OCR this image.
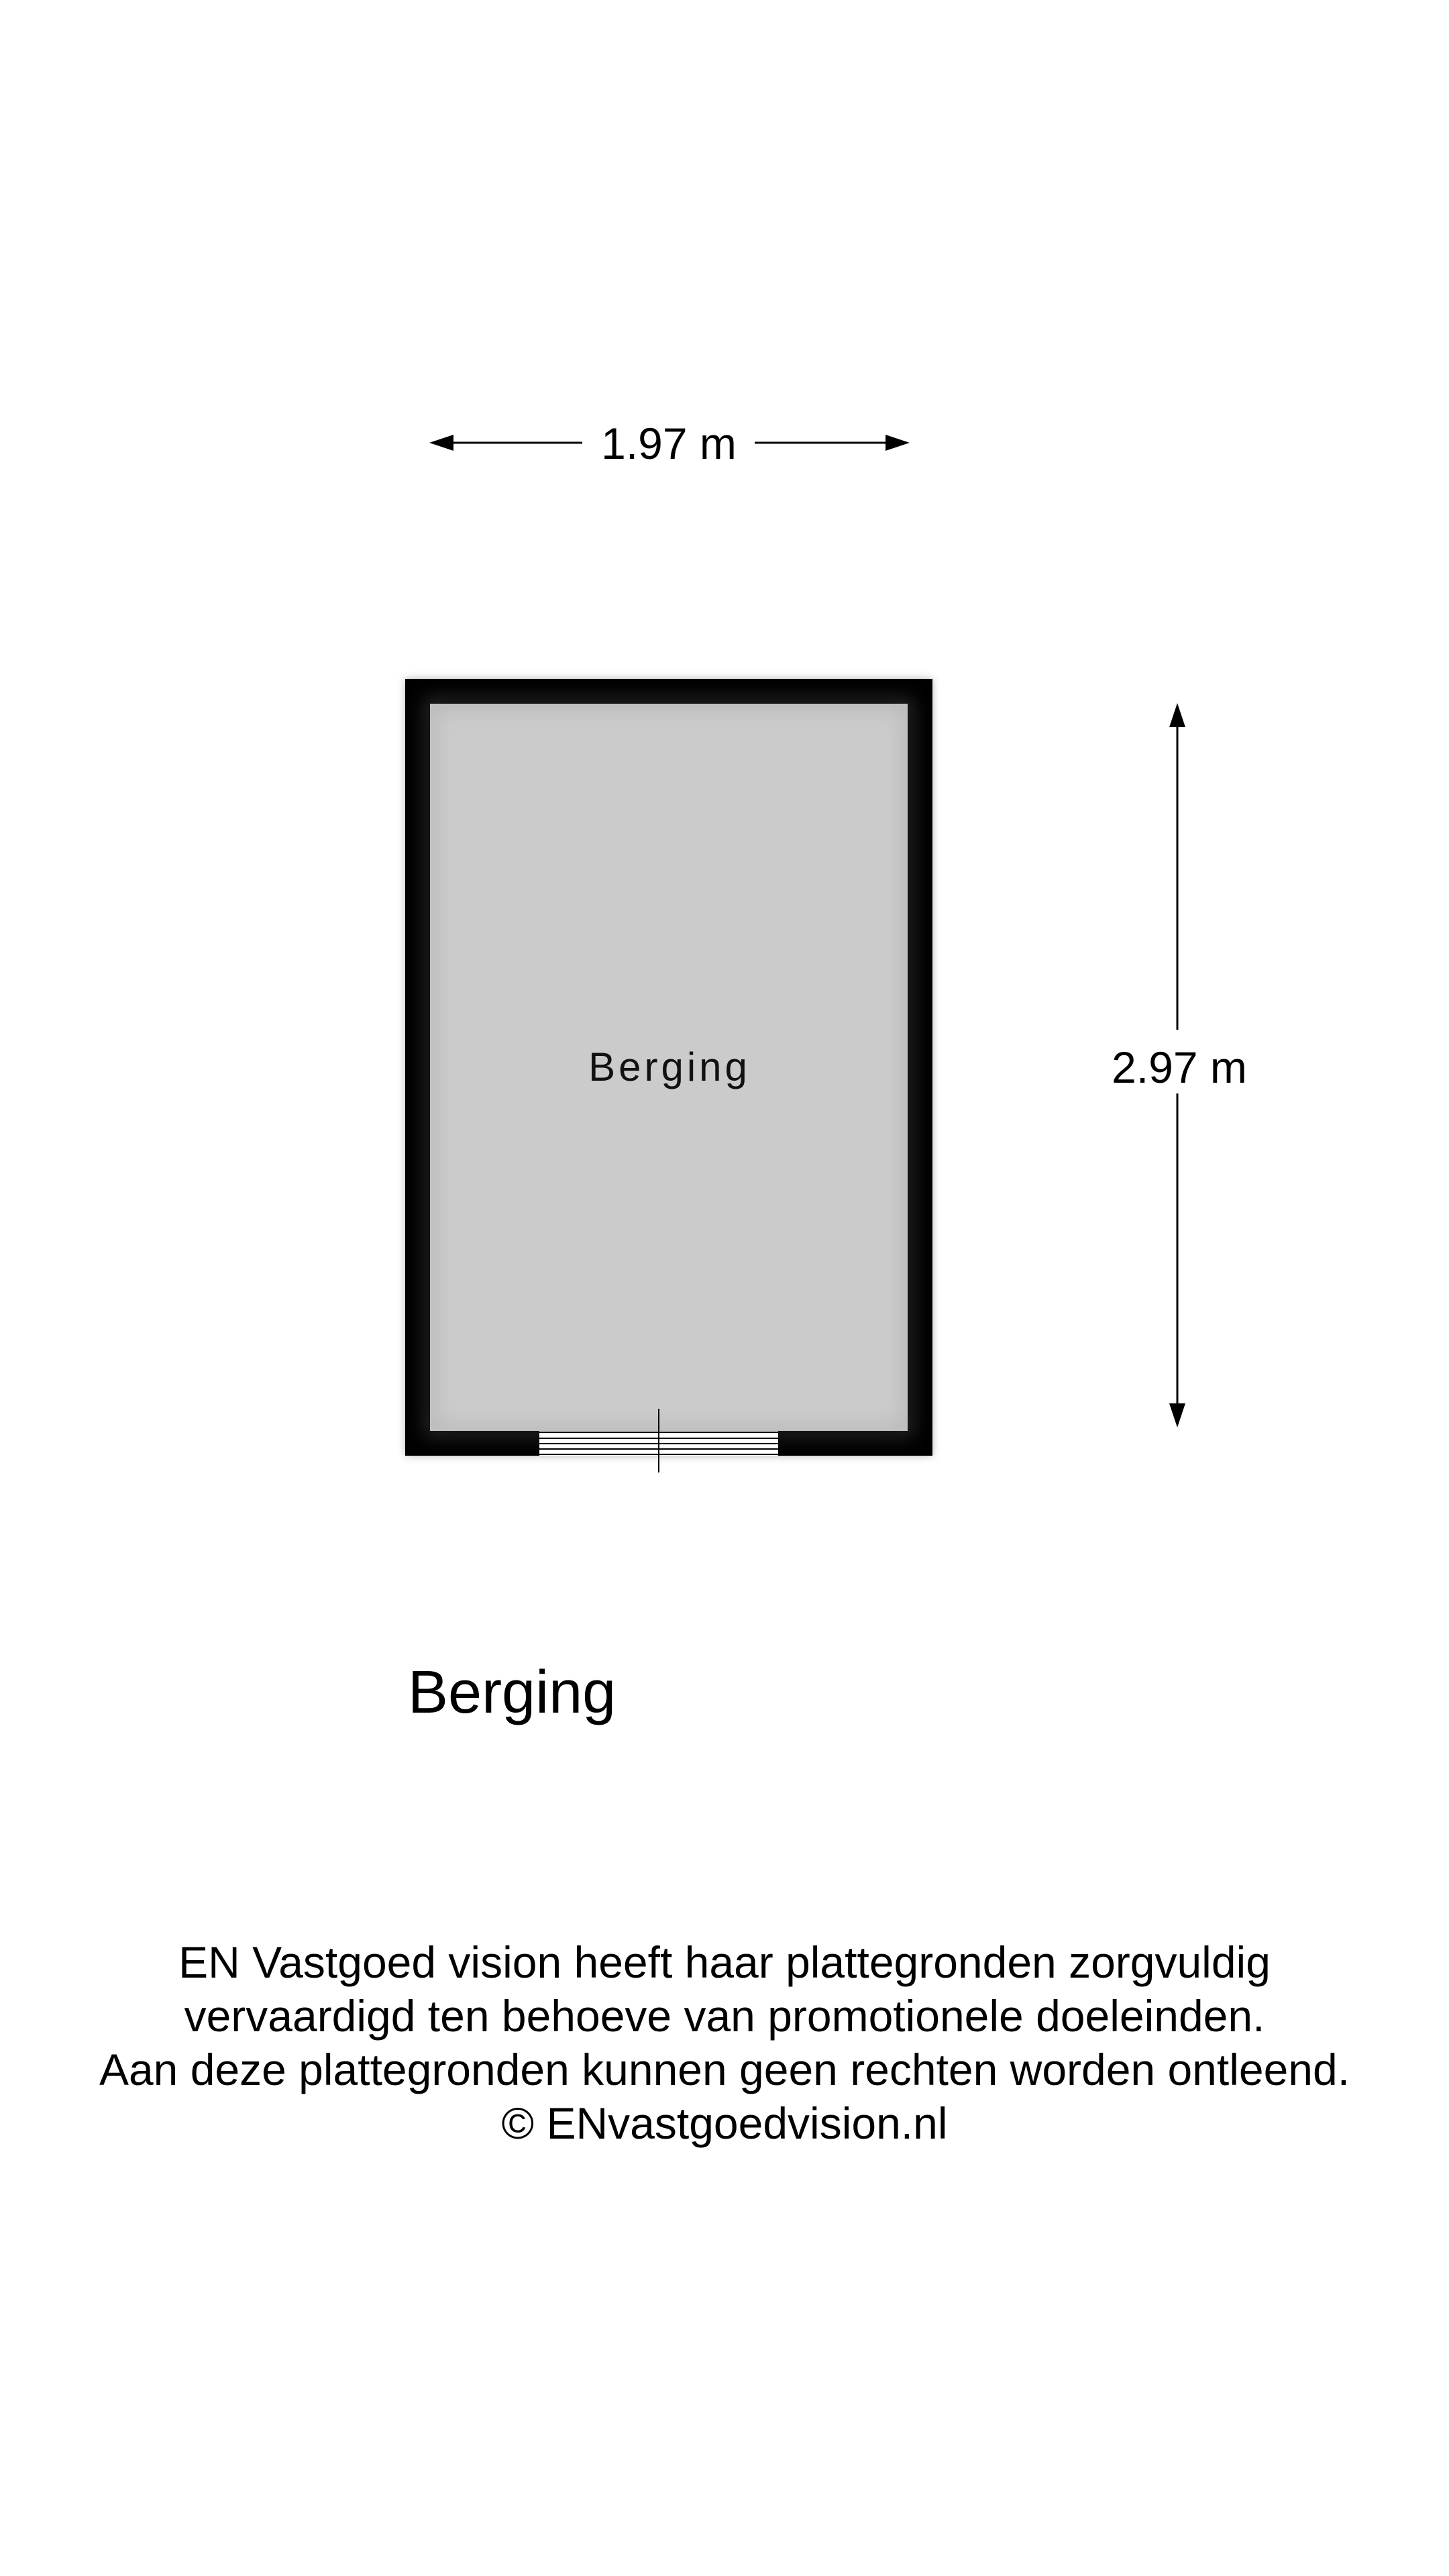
1.97 m
2.97 m
Berging
Berging
EN Vastgoed vision heeft haar plattegronden zorgvuldig
vervaardigd ten behoeve van promotionele doeleinden.
Aan deze plattegronden kunnen geen rechten worden ontleend.
© ENvastgoedvision.nl
